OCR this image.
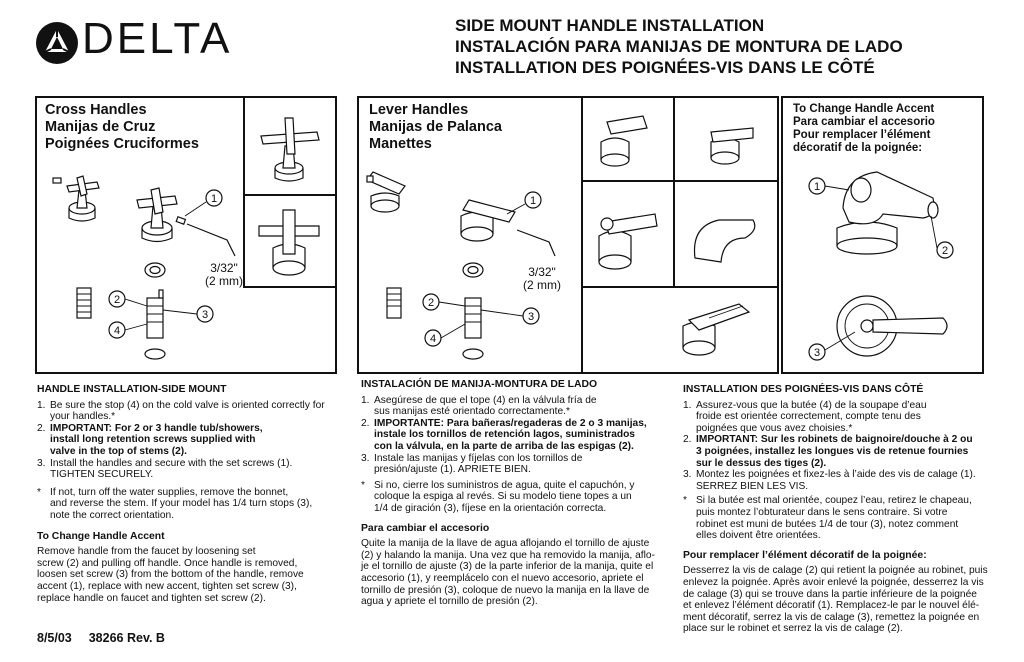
DELTA	SIDE MOUNT HANDLE INSTALLATION
INSTALACIÓN PARA MANIJAS DE MONTURA DE LADO
INSTALLATION DES POIGNÉES-VIS DANS LE CÔTÉ
Cross Handles
Manijas de Cruz
Poignées Cruciformes
1
2
3
4
3/32"
(2 mm)
Lever Handles
Manijas de Palanca
Manettes
1
2
3
4
3/32"
(2 mm)
To Change Handle Accent
Para cambiar el accesorio
Pour remplacer l’élément
décoratif de la poignée:
1
2
3
HANDLE INSTALLATION-SIDE MOUNT
1. Be sure the stop (4) on the cold valve is oriented correctly for
your handles.*
2. IMPORTANT: For 2 or 3 handle tub/showers,
install long retention screws supplied with
valve in the top of stems (2).
3. Install the handles and secure with the set screws (1).
TIGHTEN SECURELY.
* If not, turn off the water supplies, remove the bonnet,
and reverse the stem. If your model has 1/4 turn stops (3),
note the correct orientation.
To Change Handle Accent

Remove handle from the faucet by loosening set

screw (2) and pulling off handle. Once handle is removed,

loosen set screw (3) from the bottom of the handle, remove

accent (1), replace with new accent, tighten set screw (3),

replace handle on faucet and tighten set screw (2).

INSTALACIÓN DE MANIJA-MONTURA DE LADO
1. Asegúrese de que el tope (4) en la válvula fría de
sus manijas esté orientado correctamente.*
2. IMPORTANTE: Para bañeras/regaderas de 2 o 3 manijas,
instale los tornillos de retención lagos, suministrados
con la válvula, en la parte de arriba de las espigas (2).
3. Instale las manijas y fíjelas con los tornillos de
presión/ajuste (1). APRIETE BIEN.
* Si no, cierre los suministros de agua, quite el capuchón, y
coloque la espiga al revés. Si su modelo tiene topes a un
1/4 de giración (3), fíjese en la orientación correcta.
Para cambiar el accesorio

Quite la manija de la llave de agua aflojando el tornillo de ajuste

(2) y halando la manija. Una vez que ha removido la manija, aflo-

je el tornillo de ajuste (3) de la parte inferior de la manija, quite el

accesorio (1), y reemplácelo con el nuevo accesorio, apriete el

tornillo de presión (3), coloque de nuevo la manija en la llave de

agua y apriete el tornillo de presión (2).

INSTALLATION DES POIGNÉES-VIS DANS CÔTÉ
1. Assurez-vous que la butée (4) de la soupape d’eau
froide est orientée correctement, compte tenu des
poignées que vous avez choisies.*
2. IMPORTANT: Sur les robinets de baignoire/douche à 2 ou
3 poignées, installez les longues vis de retenue fournies
sur le dessus des tiges (2).
3. Montez les poignées et fixez-les à l’aide des vis de calage (1).
SERREZ BIEN LES VIS.
* Si la butée est mal orientée, coupez l’eau, retirez le chapeau,
puis montez l’obturateur dans le sens contraire. Si votre
robinet est muni de butées 1/4 de tour (3), notez comment
elles doivent être orientées.
Pour remplacer l’élément décoratif de la poignée:

Desserrez la vis de calage (2) qui retient la poignée au robinet, puis

enlevez la poignée. Après avoir enlevé la poignée, desserrez la vis

de calage (3) qui se trouve dans la partie inférieure de la poignée

et enlevez l’élément décoratif (1). Remplacez-le par le nouvel élé-

ment décoratif, serrez la vis de calage (3), remettez la poignée en

place sur le robinet et serrez la vis de calage (2).

8/5/03 38266 Rev. B
